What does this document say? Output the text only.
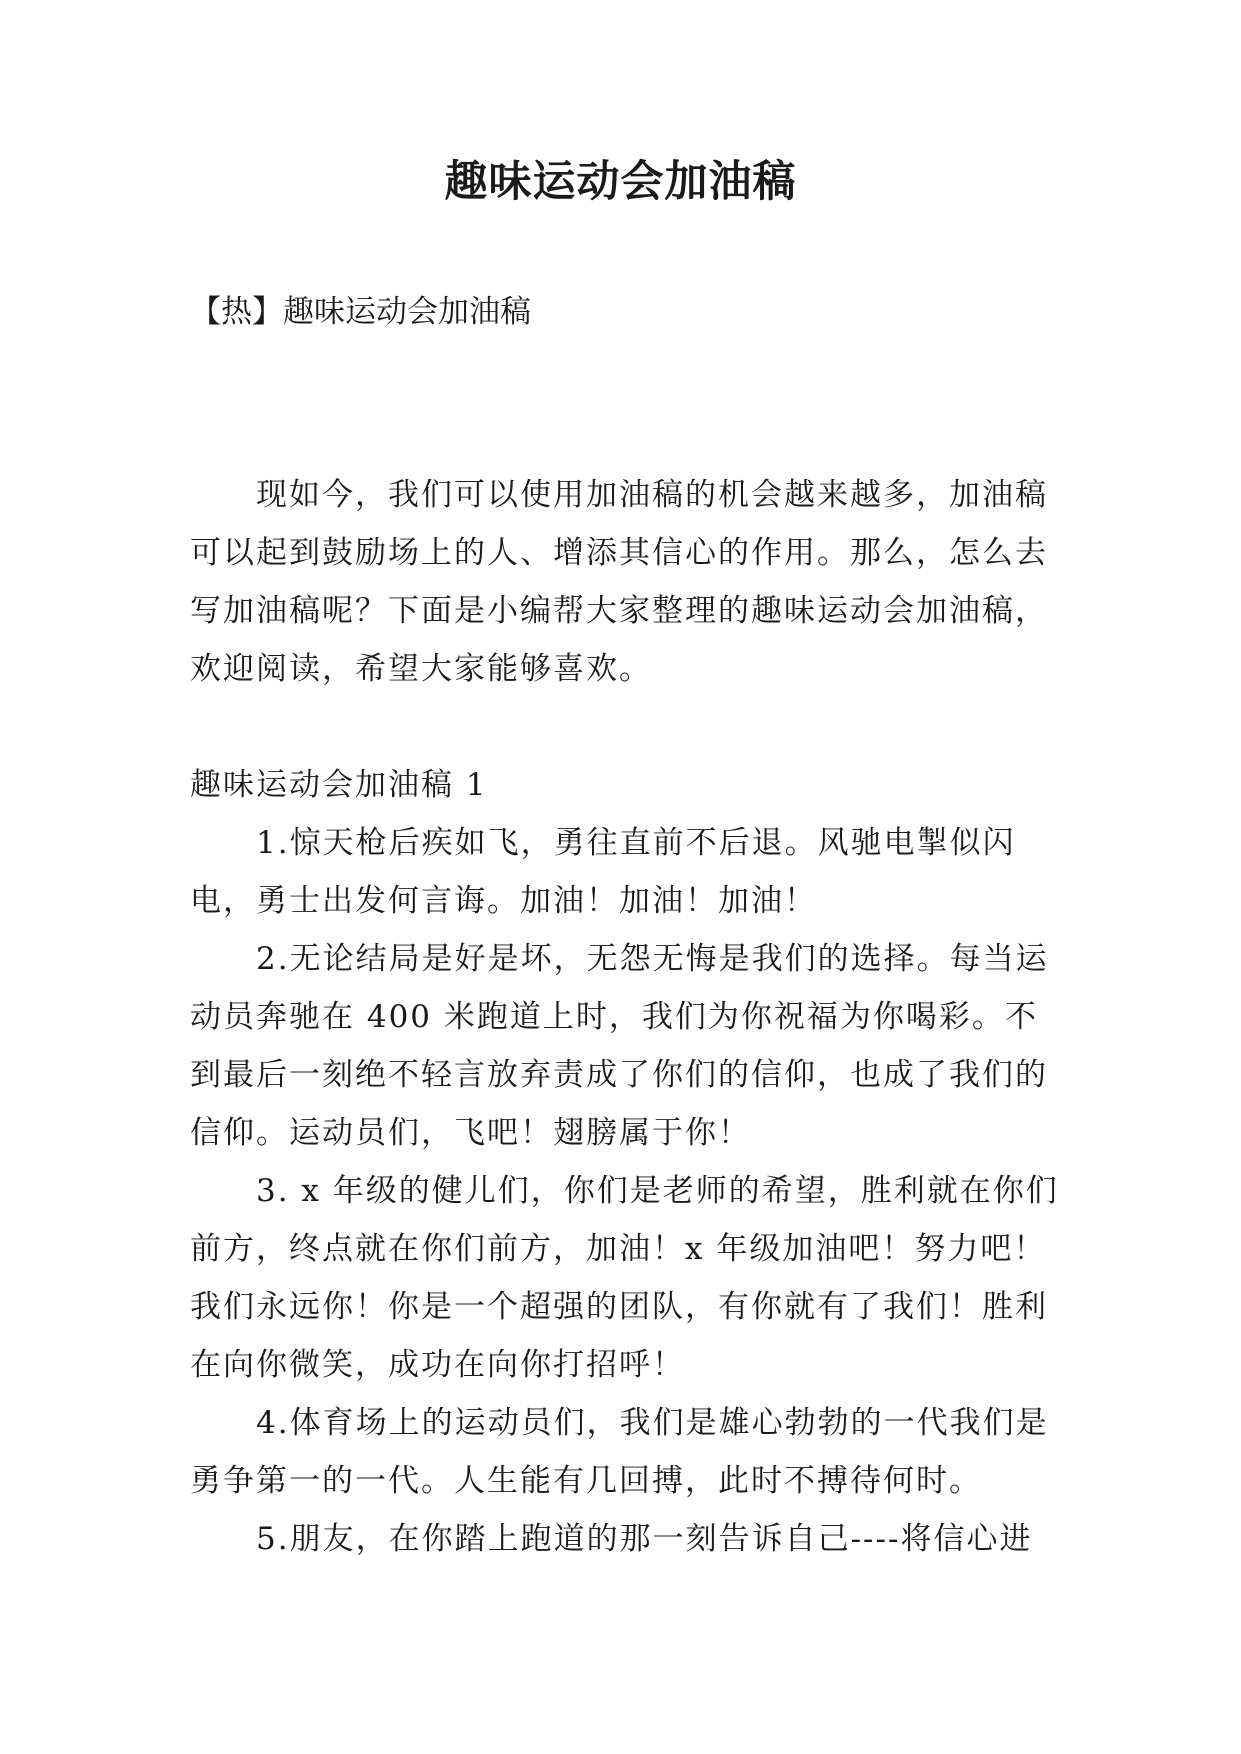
趣味运动会加油稿

【热】趣味运动会加油稿

现如今，我们可以使用加油稿的机会越来越多，加油稿可以起到鼓励场上的人、增添其信心的作用。那么，怎么去写加油稿呢？下面是小编帮大家整理的趣味运动会加油稿，欢迎阅读，希望大家能够喜欢。

趣味运动会加油稿 1

1.惊天枪后疾如飞，勇往直前不后退。风驰电掣似闪电，勇士出发何言诲。加油！加油！加油！

2.无论结局是好是坏，无怨无悔是我们的选择。每当运动员奔驰在 400 米跑道上时，我们为你祝福为你喝彩。不到最后一刻绝不轻言放弃责成了你们的信仰，也成了我们的信仰。运动员们，飞吧！翅膀属于你！

3. x 年级的健儿们，你们是老师的希望，胜利就在你们前方，终点就在你们前方，加油！x 年级加油吧！努力吧！我们永远你！你是一个超强的团队，有你就有了我们！胜利在向你微笑，成功在向你打招呼！

4.体育场上的运动员们，我们是雄心勃勃的一代我们是勇争第一的一代。人生能有几回搏，此时不搏待何时。

5.朋友，在你踏上跑道的那一刻告诉自己----将信心进
